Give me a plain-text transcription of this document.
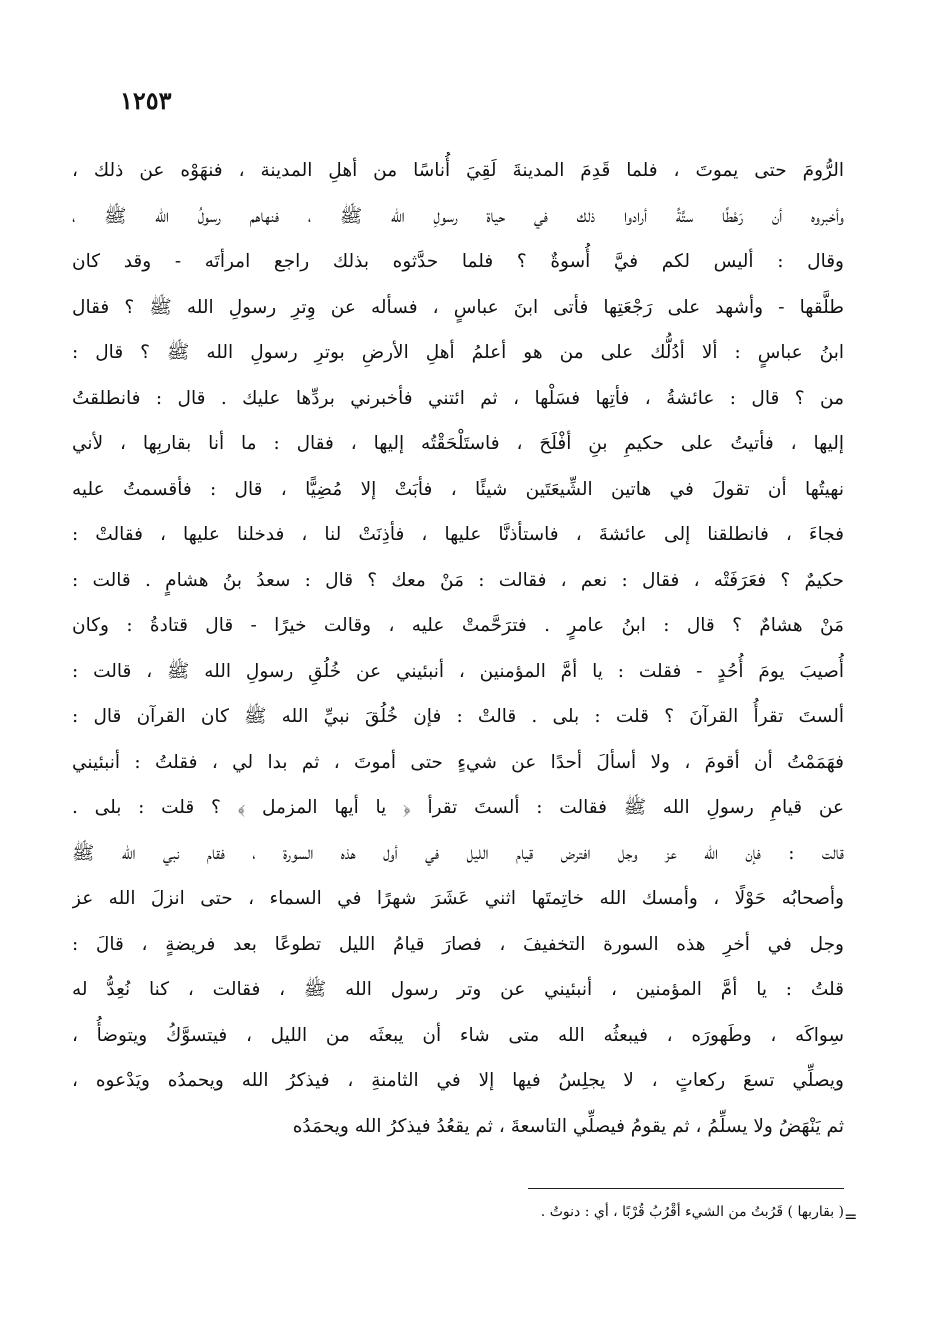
١٢٥٣
الرُّومَ حتى يموتَ ، فلما قَدِمَ المدينةَ لَقِيَ أُناسًا من أهلِ المدينة ، فنهَوْه عن ذلك ،
وأخبروه أن رَهْطًا ستَّةً أرادوا ذلك في حياة رسولِ الله ﷺ ، فنهاهم رسولُ الله ﷺ ،
وقال : أليس لكم فيَّ أُسوةٌ ؟ فلما حدَّثوه بذلك راجع امرأتَه - وقد كان
طلَّقها - وأشهد على رَجْعَتِها فأتى ابنَ عباسٍ ، فسأله عن وِترِ رسولِ الله ﷺ ؟ فقال
ابنُ عباسٍ : ألا أدُلُّك على من هو أعلمُ أهلِ الأرضِ بوترِ رسولِ الله ﷺ ؟ قال :
من ؟ قال : عائشةُ ، فأتِها فسَلْها ، ثم ائتني فأخبرني بردِّها عليك . قال : فانطلقتُ
إليها ، فأتيتُ على حكيمِ بنِ أفْلَحَ ، فاستَلْحَقْتُه إليها ، فقال : ما أنا بقاربِها ، لأني
نهيتُها أن تقولَ في هاتين الشِّيعَتَين شيئًا ، فأبَتْ إلا مُضِيًّا ، قال : فأقسمتُ عليه
فجاءَ ، فانطلقنا إلى عائشةَ ، فاستأذنَّا عليها ، فأذِنَتْ لنا ، فدخلنا عليها ، فقالتْ :
حكيمٌ ؟ فعَرَفَتْه ، فقال : نعم ، فقالت : مَنْ معك ؟ قال : سعدُ بنُ هشامٍ . قالت :
مَنْ هشامٌ ؟ قال : ابنُ عامرٍ . فترَحَّمتْ عليه ، وقالت خيرًا - قال قتادةُ : وكان
أُصيبَ يومَ أُحُدٍ - فقلت : يا أمَّ المؤمنين ، أنبئيني عن خُلُقِ رسولِ الله ﷺ ، قالت :
ألستَ تقرأُ القرآنَ ؟ قلت : بلى . قالتْ : فإن خُلُقَ نبيِّ الله ﷺ كان القرآن قال :
فهَمَمْتُ أن أقومَ ، ولا أسألَ أحدًا عن شيءٍ حتى أموتَ ، ثم بدا لي ، فقلتُ : أنبئيني
عن قيامِ رسولِ الله ﷺ فقالت : ألستَ تقرأ ﴿ يا أيها المزمل ﴾ ؟ قلت : بلى .
قالت : فإن الله عز وجل افترض قيام الليل في أول هذه السورة ، فقام نبي الله ﷺ
وأصحابُه حَوْلًا ، وأمسك الله خاتِمتَها اثني عَشَرَ شهرًا في السماء ، حتى انزلَ الله عز
وجل في أخرِ هذه السورة التخفيفَ ، فصارَ قيامُ الليل تطوعًا بعد فريضةٍ ، قالَ :
قلتُ : يا أمَّ المؤمنين ، أنبئيني عن وتر رسول الله ﷺ ، فقالت ، كنا نُعِدُّ له
سِواكَه ، وطَهورَه ، فيبعثُه الله متى شاء أن يبعثَه من الليل ، فيتسوَّكُ ويتوضأُ ،
ويصلِّي تسعَ ركعاتٍ ، لا يجلِسُ فيها إلا في الثامنةِ ، فيذكرُ الله ويحمدُه ويَدْعوه ،
ثم يَنْهَضُ ولا يسلِّمُ ، ثم يقومُ فيصلِّي التاسعةَ ، ثم يقعُدُ فيذكرُ الله ويحمَدُه
( بقاربها ) قَرُبتُ من الشيء أقْرُبُ قُرْبًا ، أي : دنوتُ . =
